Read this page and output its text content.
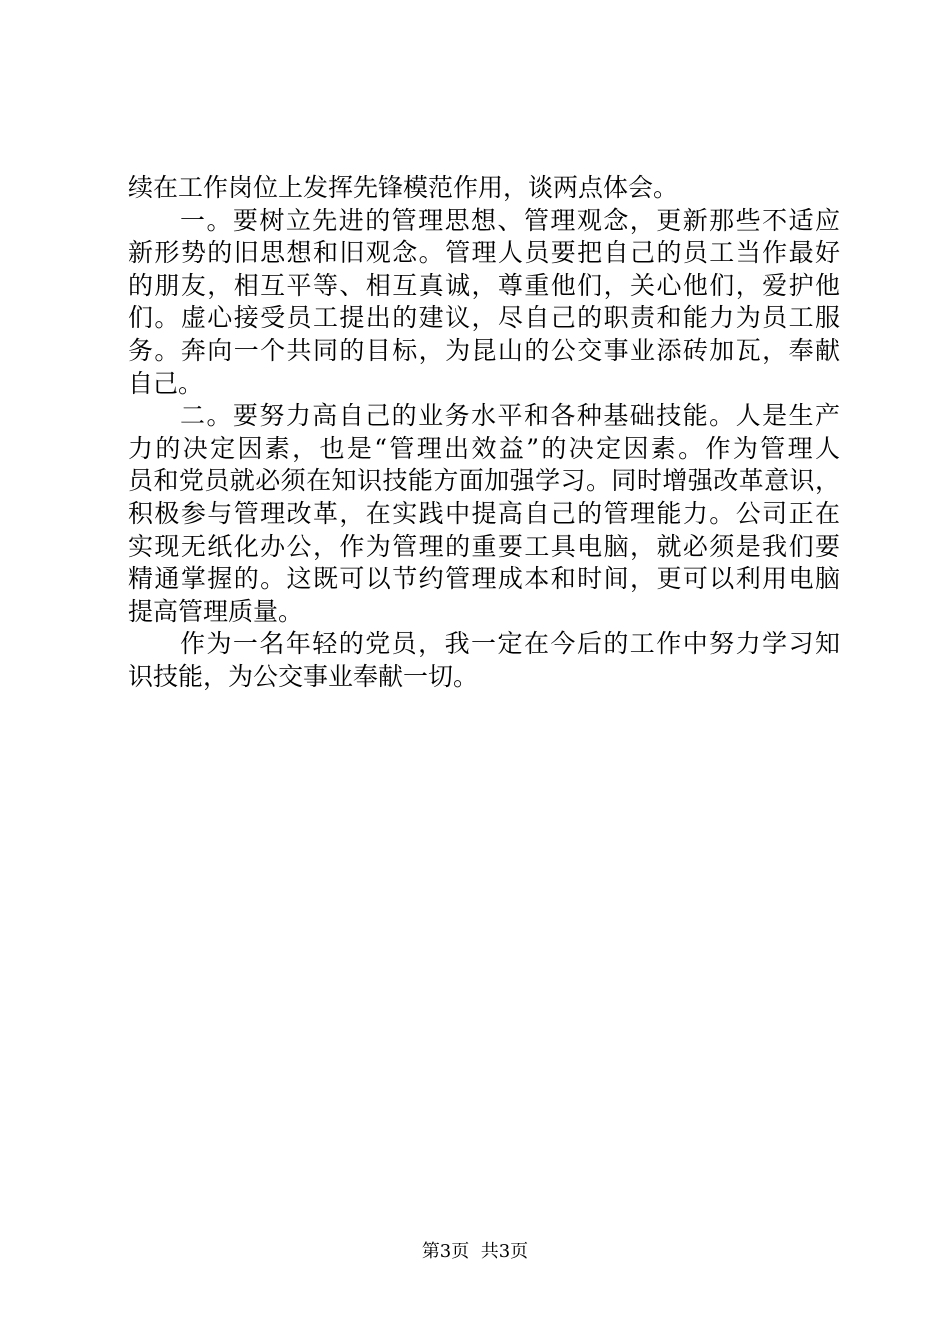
续在工作岗位上发挥先锋模范作用，谈两点体会。
一。要树立先进的管理思想、管理观念，更新那些不适应
新形势的旧思想和旧观念。管理人员要把自己的员工当作最好
的朋友，相互平等、相互真诚，尊重他们，关心他们，爱护他
们。虚心接受员工提出的建议，尽自己的职责和能力为员工服
务。奔向一个共同的目标，为昆山的公交事业添砖加瓦，奉献
自己。
二。要努力高自己的业务水平和各种基础技能。人是生产
力的决定因素，也是“管理出效益”的决定因素。作为管理人
员和党员就必须在知识技能方面加强学习。同时增强改革意识，
积极参与管理改革，在实践中提高自己的管理能力。公司正在
实现无纸化办公，作为管理的重要工具电脑，就必须是我们要
精通掌握的。这既可以节约管理成本和时间，更可以利用电脑
提高管理质量。
作为一名年轻的党员，我一定在今后的工作中努力学习知
识技能，为公交事业奉献一切。
第3页  共3页
